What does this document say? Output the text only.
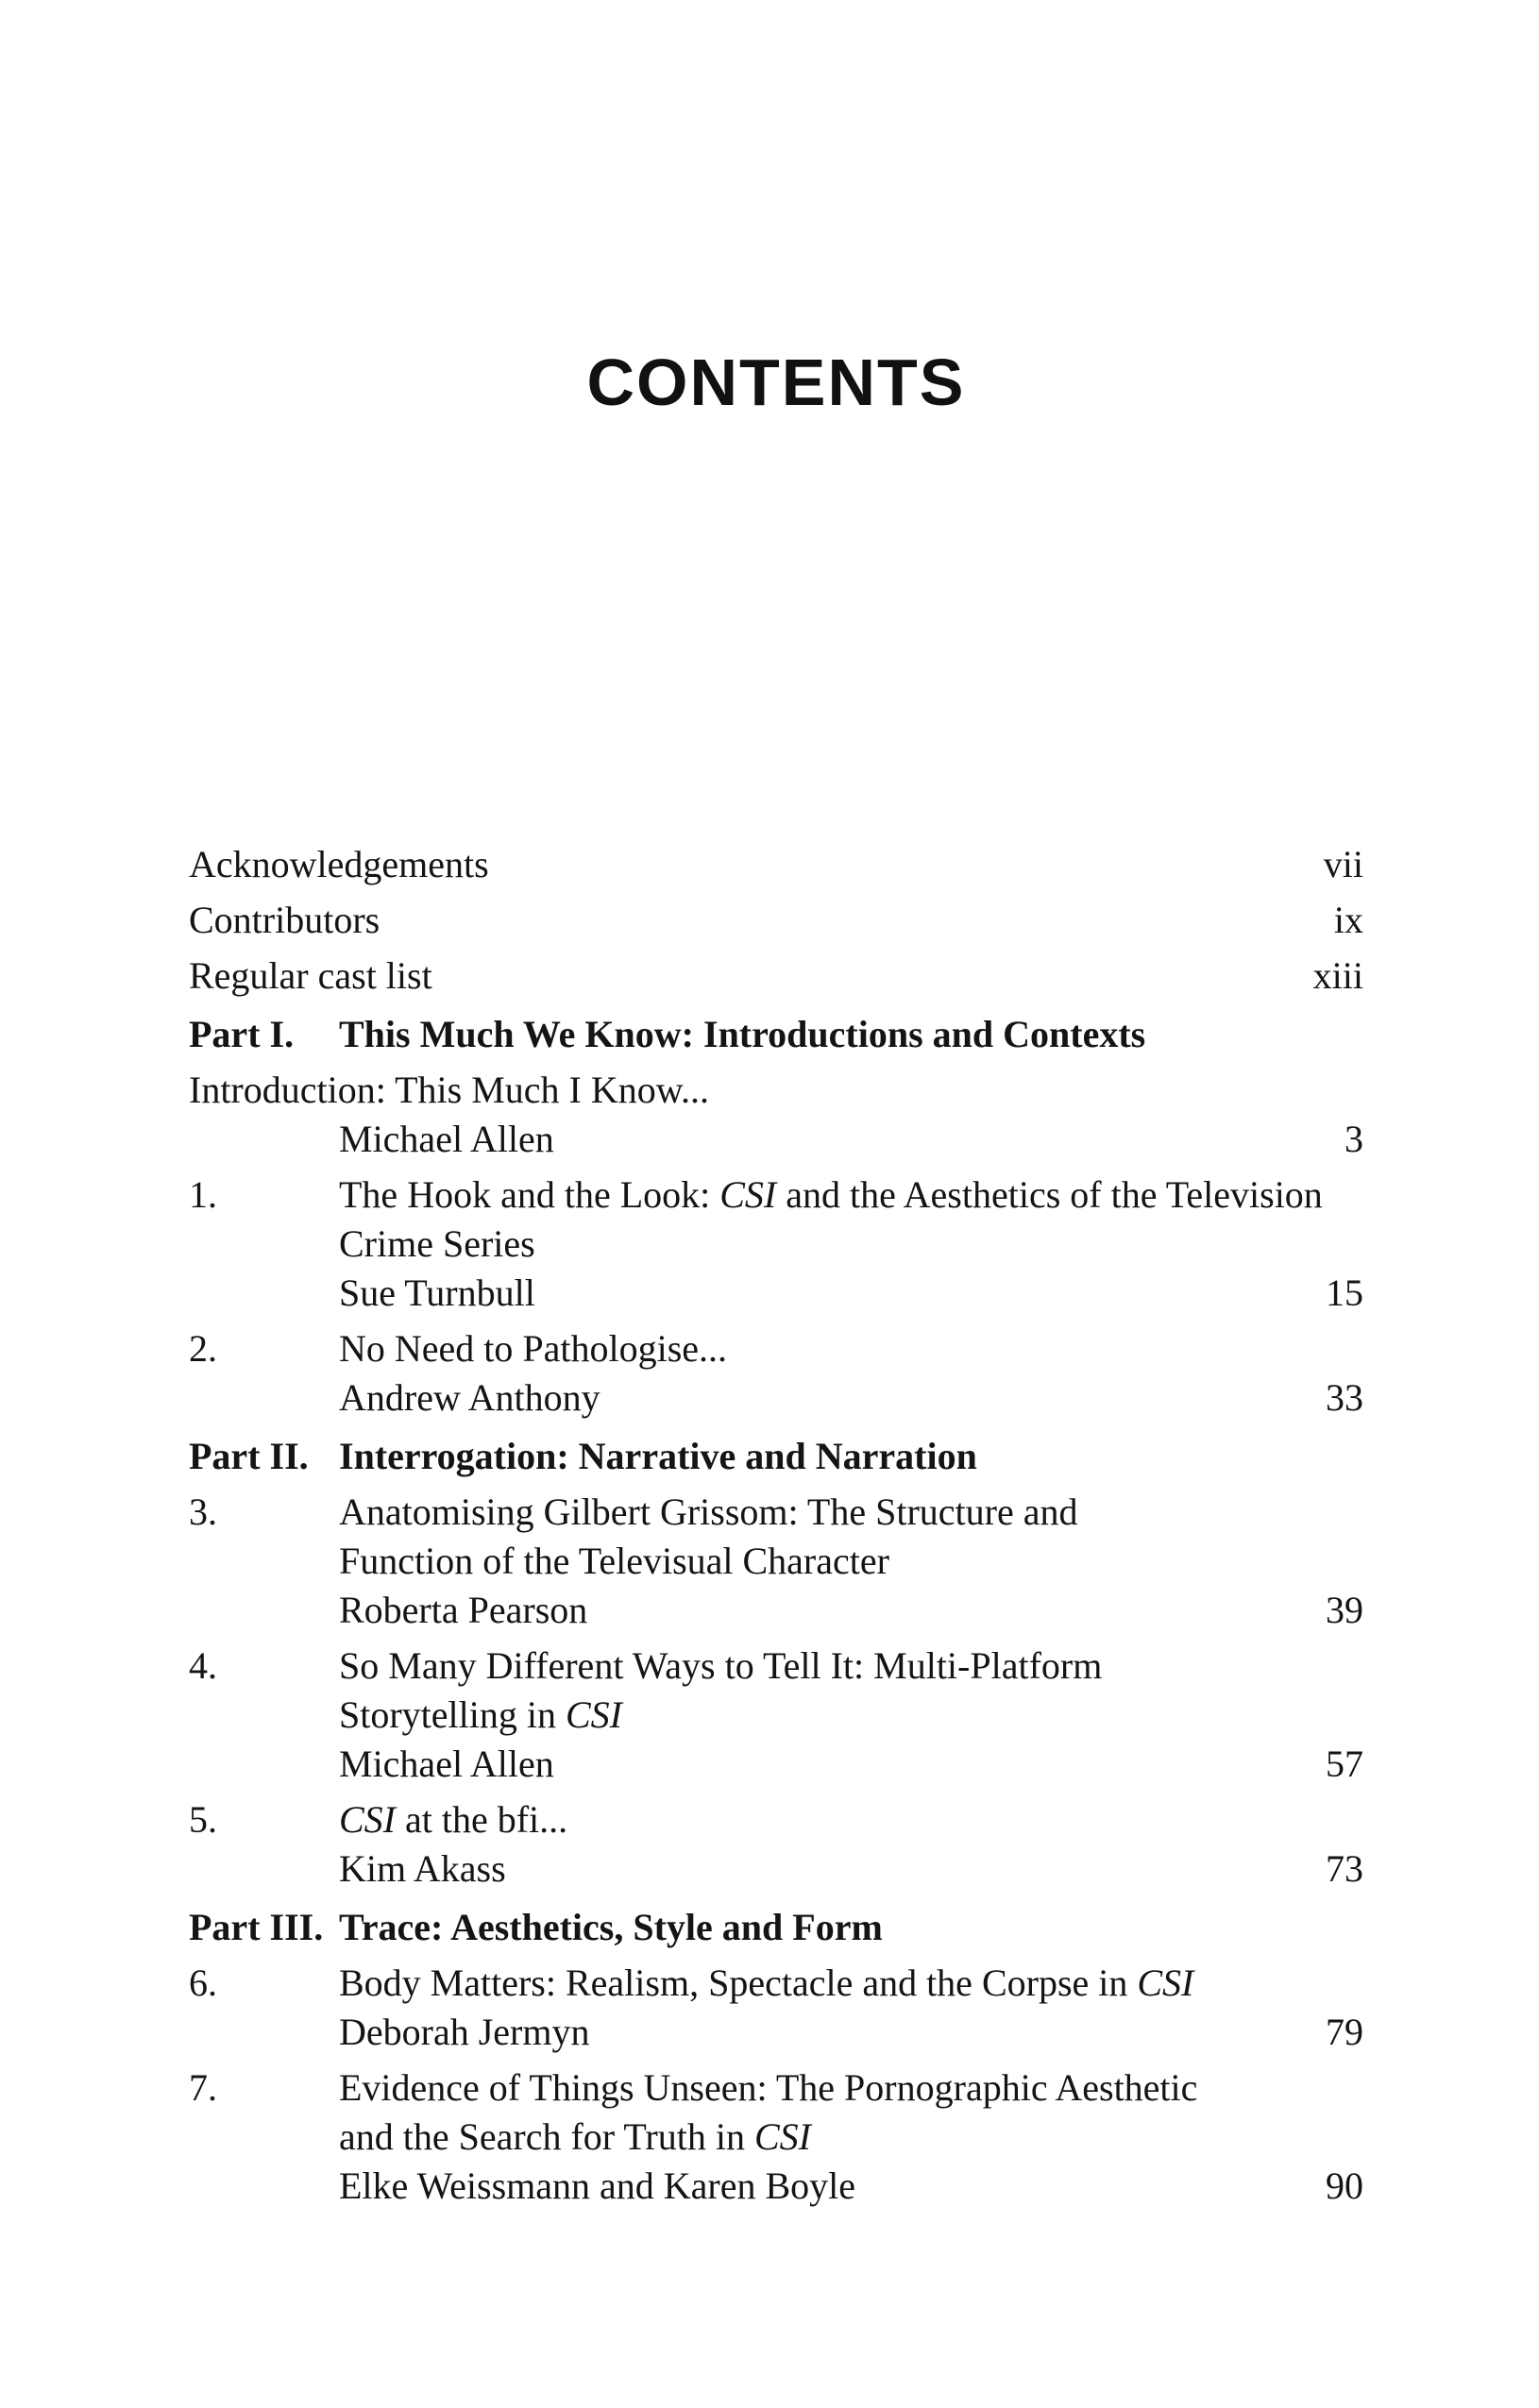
CONTENTS
Acknowledgements	vii
Contributors	ix
Regular cast list	xiii
Part I.	This Much We Know: Introductions and Contexts
Introduction: This Much I Know...
Michael Allen	3
1.	The Hook and the Look: CSI and the Aesthetics of the Television
Crime Series
Sue Turnbull	15
2.	No Need to Pathologise...
Andrew Anthony	33
Part II. Interrogation: Narrative and Narration
3.	Anatomising Gilbert Grissom: The Structure and
Function of the Televisual Character
Roberta Pearson	39
4.	So Many Different Ways to Tell It: Multi-Platform
Storytelling in CSI
Michael Allen	57
5.	CSI at the bfi...
Kim Akass	73
Part III. Trace: Aesthetics, Style and Form
6.	Body Matters: Realism, Spectacle and the Corpse in CSI
Deborah Jermyn	79
7.	Evidence of Things Unseen: The Pornographic Aesthetic
and the Search for Truth in CSI
Elke Weissmann and Karen Boyle	90
